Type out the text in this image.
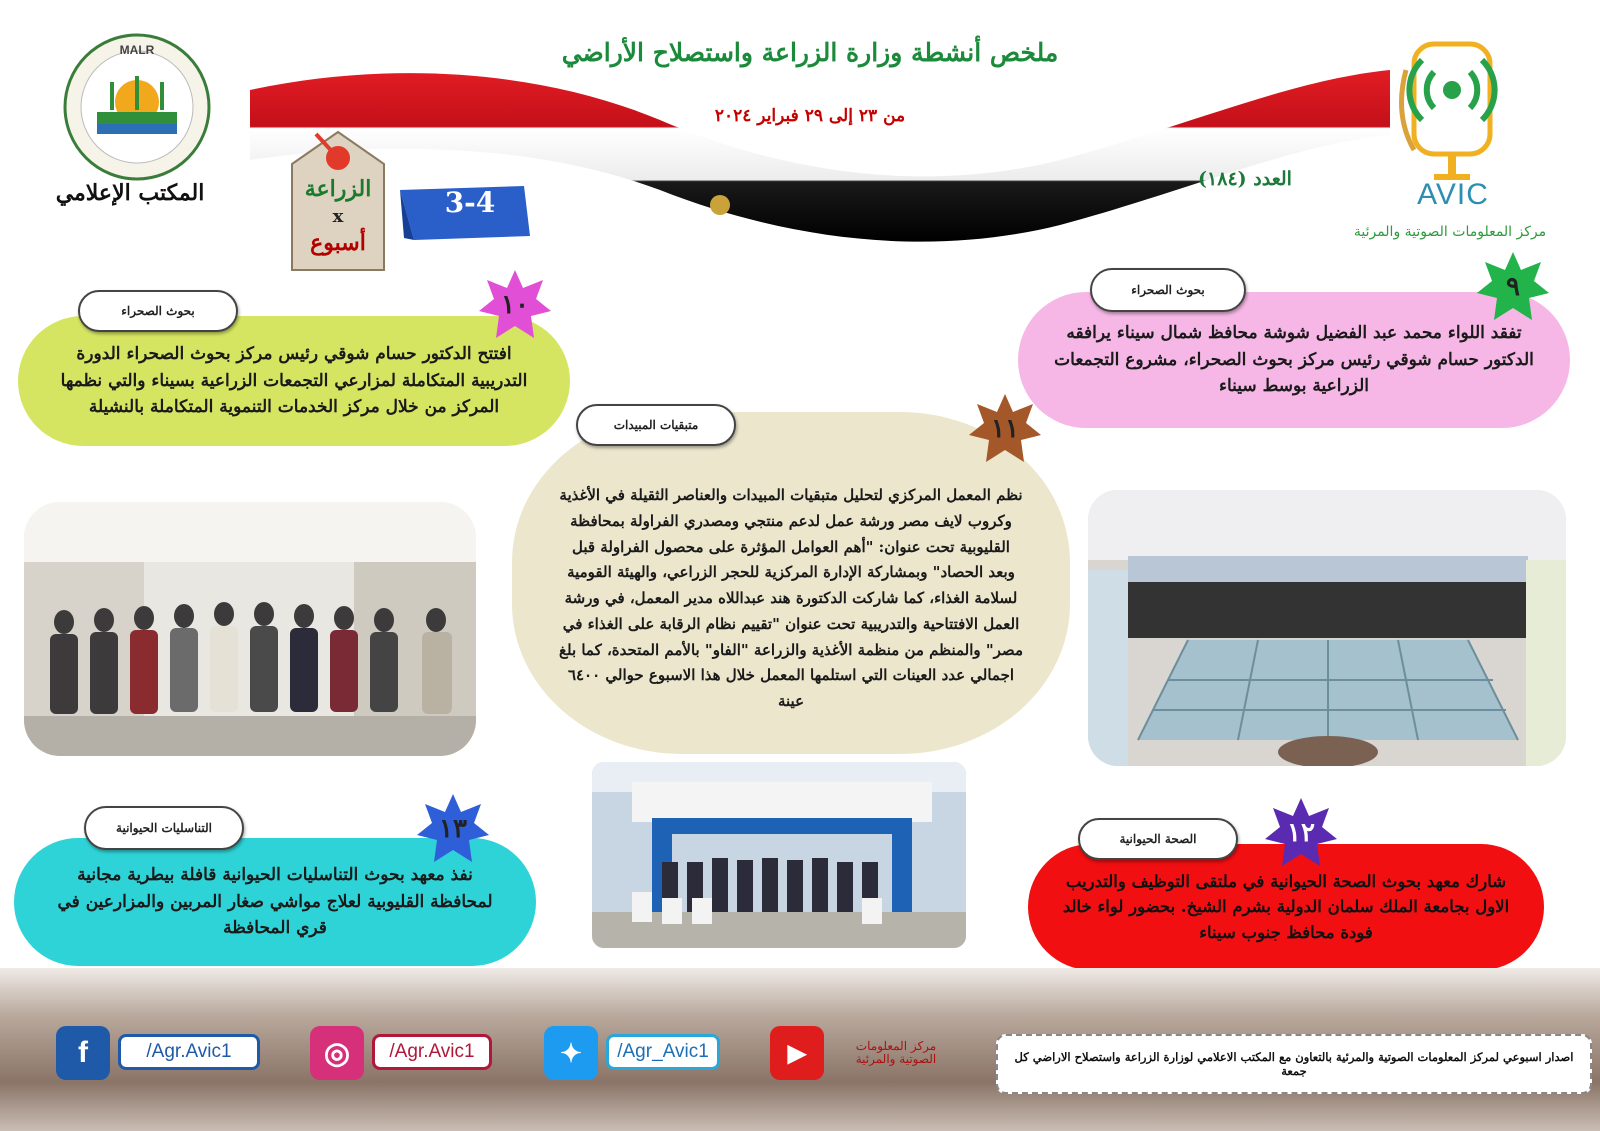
ملخص أنشطة وزارة الزراعة واستصلاح الأراضي
من ٢٣ إلى ٢٩ فبراير ٢٠٢٤
العدد (١٨٤)
MALR
المكتب الإعلامي	AVIC
مركز المعلومات الصوتية والمرئية
الزراعة
x
أسبوع
3-4

تفقد اللواء محمد عبد الفضيل شوشة محافظ شمال سيناء يرافقه الدكتور حسام شوقي رئيس مركز بحوث الصحراء، مشروع التجمعات الزراعية بوسط سيناء

بحوث الصحراء	٩

افتتح الدكتور حسام شوقي رئيس مركز بحوث الصحراء الدورة التدريبية المتكاملة لمزارعي التجمعات الزراعية بسيناء والتي نظمها المركز من خلال مركز الخدمات التنموية المتكاملة بالنشيلة

بحوث الصحراء	١٠

نظم المعمل المركزي لتحليل متبقيات المبيدات والعناصر الثقيلة في الأغذية وكروب لايف مصر ورشة عمل لدعم منتجي ومصدري الفراولة بمحافظة القليوبية تحت عنوان: "أهم العوامل المؤثرة على محصول الفراولة قبل وبعد الحصاد" وبمشاركة الإدارة المركزية للحجر الزراعي، والهيئة القومية لسلامة الغذاء، كما شاركت الدكتورة هند عبداللاه مدير المعمل، في ورشة العمل الافتتاحية والتدريبية تحت عنوان "تقييم نظام الرقابة على الغذاء في مصر" والمنظم من منظمة الأغذية والزراعة "الفاو" بالأمم المتحدة، كما بلغ اجمالي عدد العينات التي استلمها المعمل خلال هذا الاسبوع حوالي ٦٤٠٠ عينة

متبقيات المبيدات	١١

شارك معهد بحوث الصحة الحيوانية في ملتقى التوظيف والتدريب الاول بجامعة الملك سلمان الدولية بشرم الشيخ. بحضور لواء خالد فودة محافظ جنوب سيناء

الصحة الحيوانية	١٢

نفذ معهد بحوث التناسليات الحيوانية قافلة بيطرية مجانية لمحافظة القليوبية لعلاج مواشي صغار المربين والمزارعين في قري المحافظة

التناسليات الحيوانية	١٣
f	/Agr.Avic1	◎	/Agr.Avic1	✦	/Agr_Avic1	▶	مركز المعلومات الصوتية والمرئية	اصدار اسبوعي لمركز المعلومات الصوتية والمرئية بالتعاون مع المكتب الاعلامي لوزارة الزراعة واستصلاح الاراضي كل جمعة
